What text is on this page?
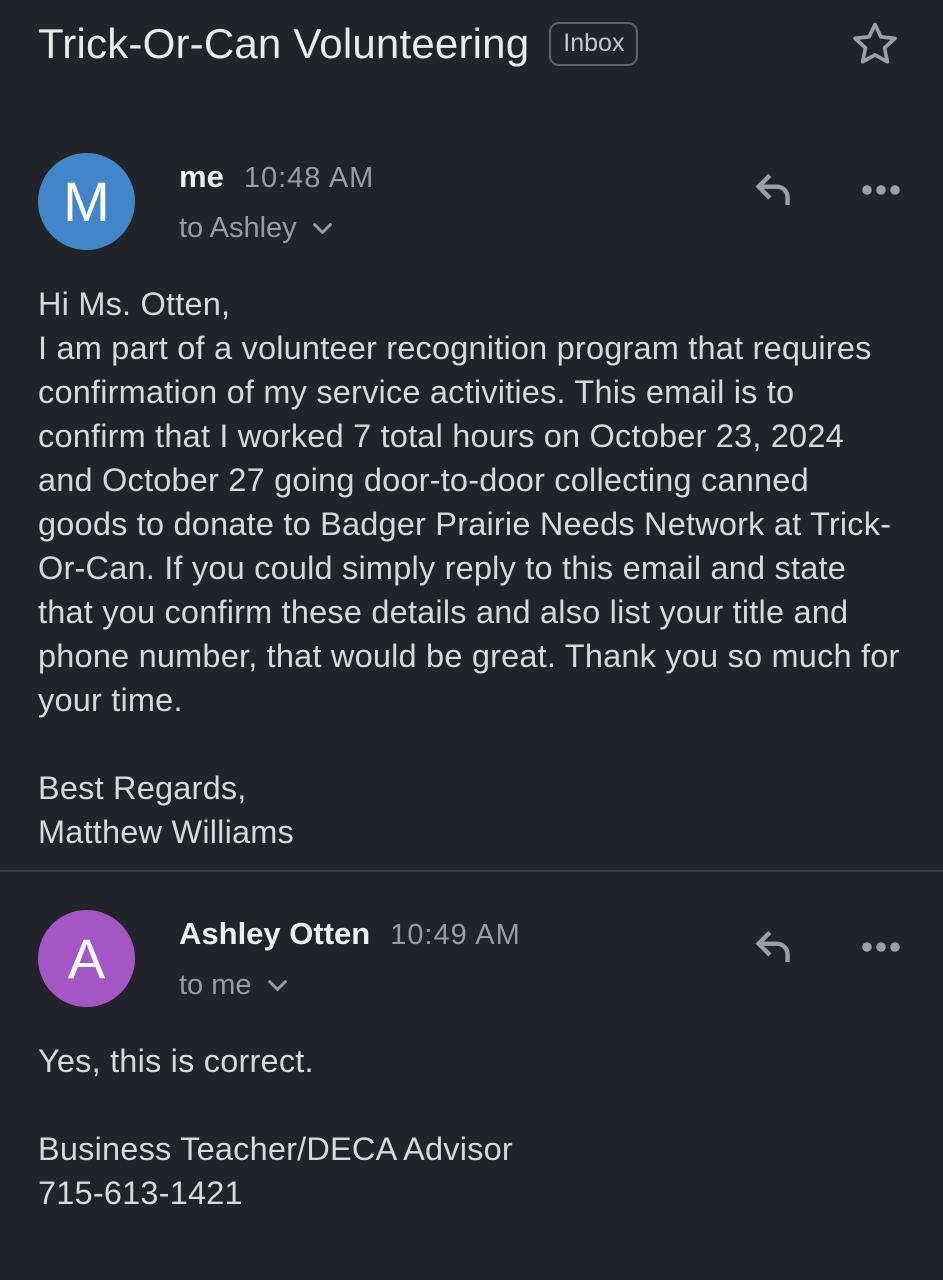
Trick-Or-Can Volunteering	Inbox
M me 10:48 AM
to Ashley
Hi Ms. Otten,
I am part of a volunteer recognition program that requires confirmation of my service activities. This email is to confirm that I worked 7 total hours on October 23, 2024 and October 27 going door-to-door collecting canned goods to donate to Badger Prairie Needs Network at Trick-Or-Can. If you could simply reply to this email and state that you confirm these details and also list your title and phone number, that would be great. Thank you so much for your time.
Best Regards,
Matthew Williams
A Ashley Otten 10:49 AM
to me
Yes, this is correct.
Business Teacher/DECA Advisor
715-613-1421
